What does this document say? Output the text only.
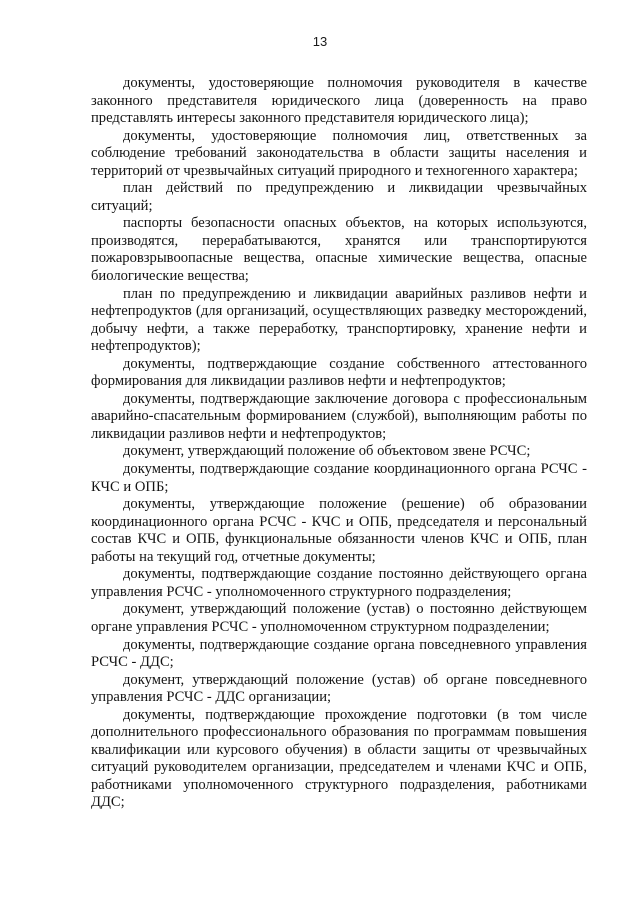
13

документы, удостоверяющие полномочия руководителя в качестве законного представителя юридического лица (доверенность на право представлять интересы законного представителя юридического лица);

документы, удостоверяющие полномочия лиц, ответственных за соблюдение требований законодательства в области защиты населения и территорий от чрезвычайных ситуаций природного и техногенного характера;

план действий по предупреждению и ликвидации чрезвычайных ситуаций;

паспорты безопасности опасных объектов, на которых используются, производятся, перерабатываются, хранятся или транспортируются пожаровзрывоопасные вещества, опасные химические вещества, опасные биологические вещества;

план по предупреждению и ликвидации аварийных разливов нефти и нефтепродуктов (для организаций, осуществляющих разведку месторождений, добычу нефти, а также переработку, транспортировку, хранение нефти и нефтепродуктов);

документы, подтверждающие создание собственного аттестованного формирования для ликвидации разливов нефти и нефтепродуктов;

документы, подтверждающие заключение договора с профессиональным аварийно-спасательным формированием (службой), выполняющим работы по ликвидации разливов нефти и нефтепродуктов;

документ, утверждающий положение об объектовом звене РСЧС;

документы, подтверждающие создание координационного органа РСЧС - КЧС и ОПБ;

документы, утверждающие положение (решение) об образовании координационного органа РСЧС - КЧС и ОПБ, председателя и персональный состав КЧС и ОПБ, функциональные обязанности членов КЧС и ОПБ, план работы на текущий год, отчетные документы;

документы, подтверждающие создание постоянно действующего органа управления РСЧС - уполномоченного структурного подразделения;

документ, утверждающий положение (устав) о постоянно действующем органе управления РСЧС - уполномоченном структурном подразделении;

документы, подтверждающие создание органа повседневного управления РСЧС - ДДС;

документ, утверждающий положение (устав) об органе повседневного управления РСЧС - ДДС организации;

документы, подтверждающие прохождение подготовки (в том числе дополнительного профессионального образования по программам повышения квалификации или курсового обучения) в области защиты от чрезвычайных ситуаций руководителем организации, председателем и членами КЧС и ОПБ, работниками уполномоченного структурного подразделения, работниками ДДС;
